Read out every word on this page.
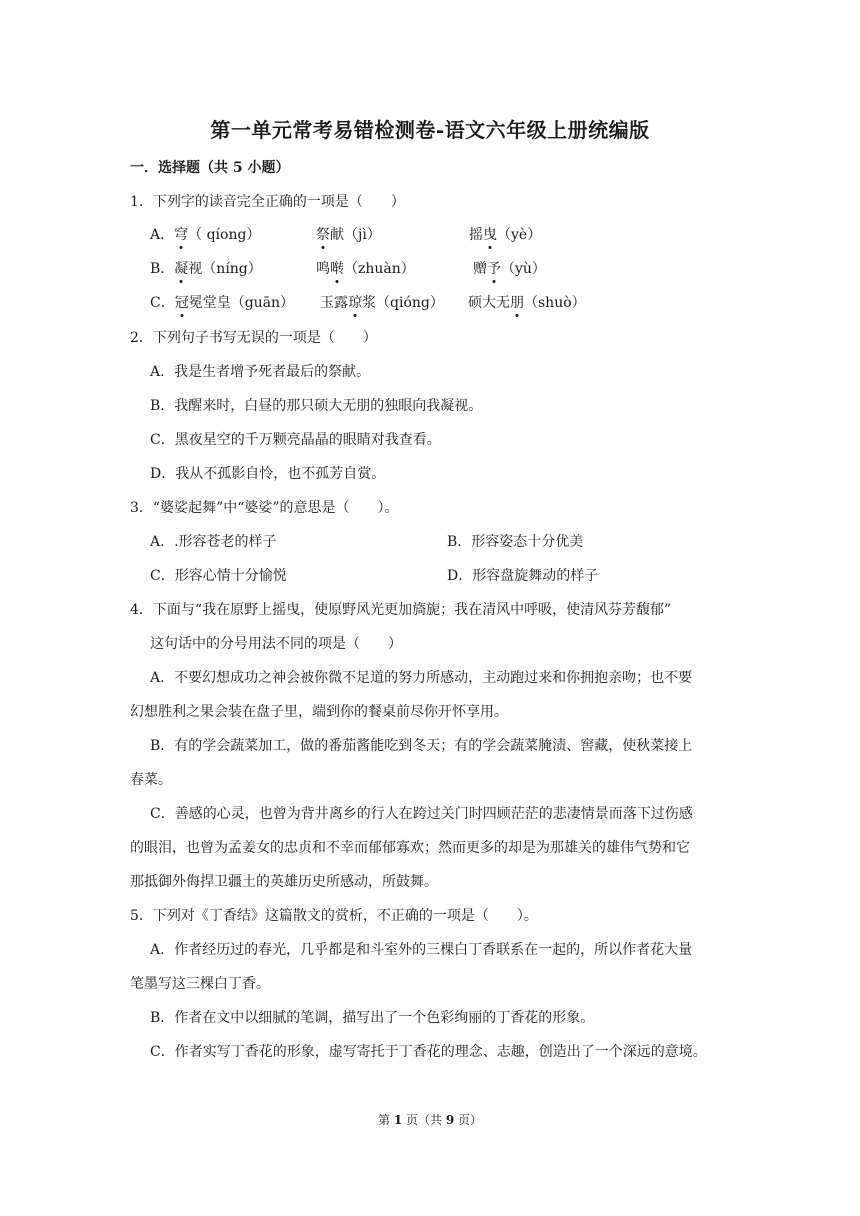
第一单元常考易错检测卷-语文六年级上册统编版
一．选择题（共 5 小题）
1．下列字的读音完全正确的一项是（　　）
A．穹（ qíong）	祭献（jì）	摇曳（yè）
B．凝视（níng）	鸣啭（zhuàn）	赠予（yù）
C．冠冕堂皇（guān） 玉露琼浆（qióng） 硕大无朋（shuò）
2．下列句子书写无误的一项是（　　）
A．我是生者增予死者最后的祭献。
B．我醒来时，白昼的那只硕大无朋的独眼向我凝视。
C．黑夜星空的千万颗亮晶晶的眼睛对我查看。
D．我从不孤影自怜，也不孤芳自赏。
3．“婆娑起舞”中“婆娑”的意思是（　　）。
A．.形容苍老的样子	B．形容姿态十分优美
C．形容心情十分愉悦	D．形容盘旋舞动的样子
4．下面与“我在原野上摇曳，使原野风光更加旖旎；我在清风中呼吸，使清风芬芳馥郁”
这句话中的分号用法不同的项是（　　）
A．不要幻想成功之神会被你微不足道的努力所感动，主动跑过来和你拥抱亲吻；也不要
幻想胜利之果会装在盘子里，端到你的餐桌前尽你开怀享用。
B．有的学会蔬菜加工，做的番茄酱能吃到冬天；有的学会蔬菜腌渍、窖藏，使秋菜接上
春菜。
C．善感的心灵，也曾为背井离乡的行人在跨过关门时四顾茫茫的悲凄情景而落下过伤感
的眼泪，也曾为孟姜女的忠贞和不幸而郁郁寡欢；然而更多的却是为那雄关的雄伟气势和它
那抵御外侮捍卫疆土的英雄历史所感动，所鼓舞。
5．下列对《丁香结》这篇散文的赏析，不正确的一项是（　　）。
A．作者经历过的春光，几乎都是和斗室外的三棵白丁香联系在一起的，所以作者花大量
笔墨写这三棵白丁香。
B．作者在文中以细腻的笔调，描写出了一个色彩绚丽的丁香花的形象。
C．作者实写丁香花的形象，虚写寄托于丁香花的理念、志趣，创造出了一个深远的意境。
第 1 页（共 9 页）
